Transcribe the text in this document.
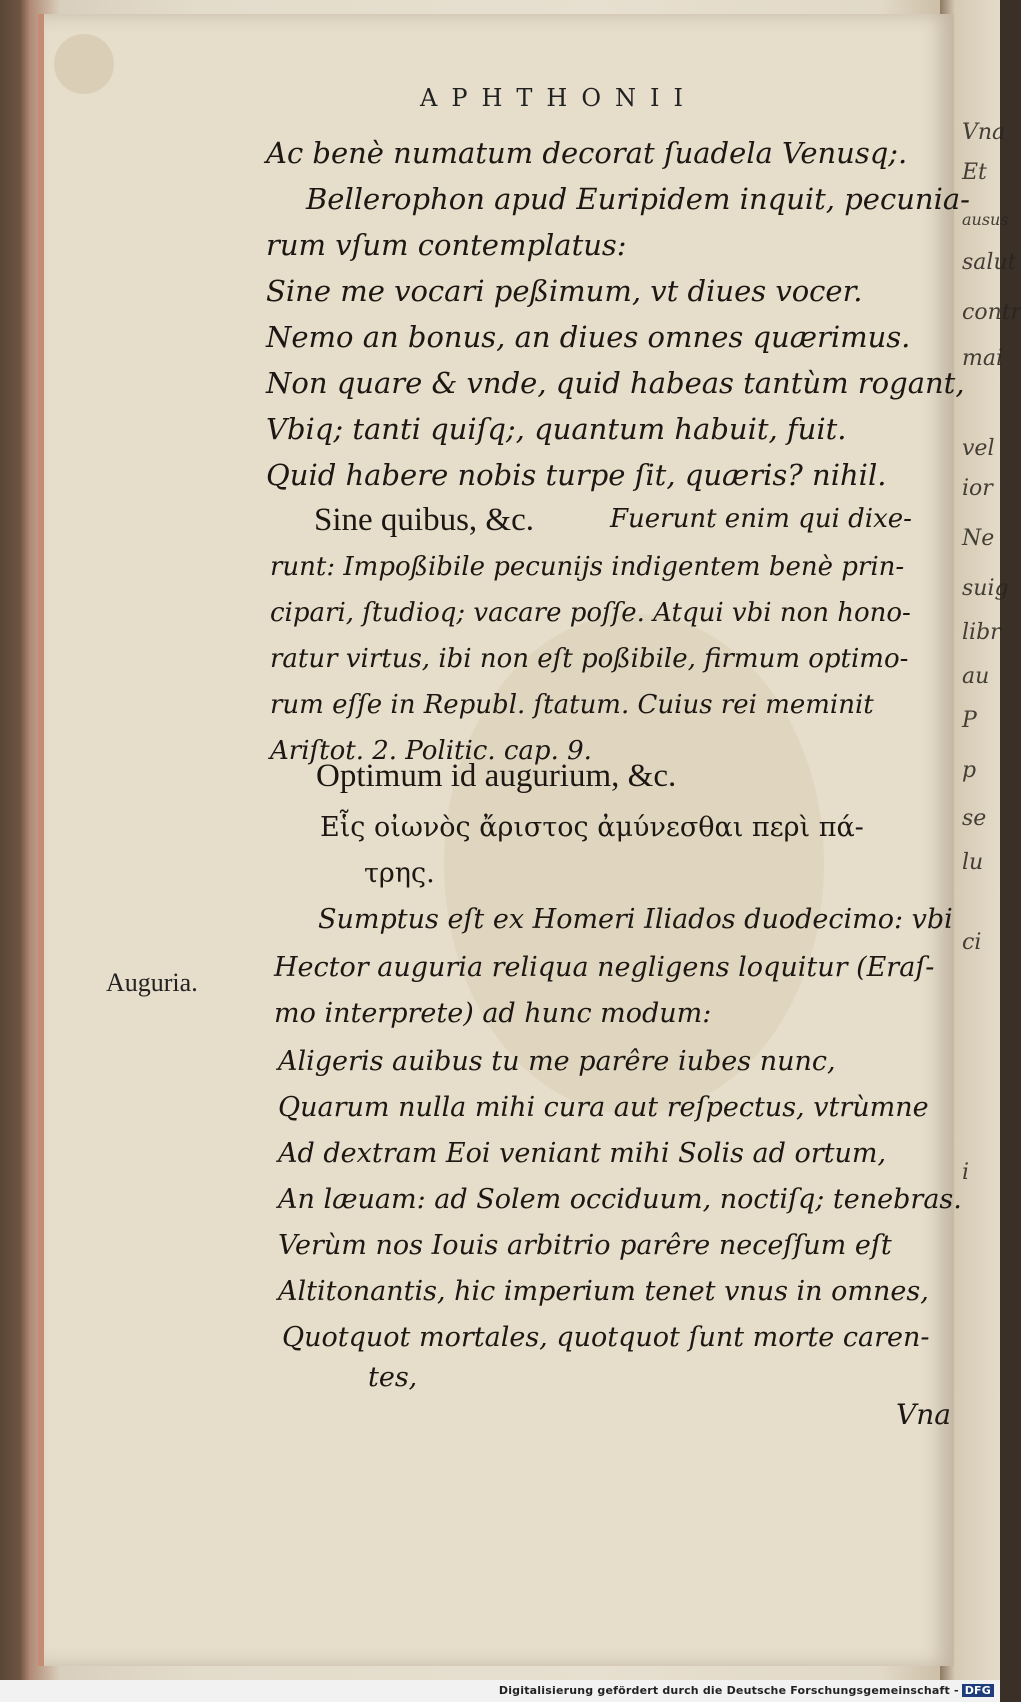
APHTHONII
Ac benè numatum decorat ſuadela Venusq;.
Bellerophon apud Euripidem inquit, pecunia-
rum vſum contemplatus:
Sine me vocari peßimum, vt diues vocer.
Nemo an bonus, an diues omnes quærimus.
Non quare & vnde, quid habeas tantùm rogant,
Vbiq; tanti quiſq;, quantum habuit, fuit.
Quid habere nobis turpe ſit, quæris? nihil.
Sine quibus, &c.	Fuerunt enim qui dixe-
runt: Impoßibile pecunijs indigentem benè prin-
cipari, ſtudioq; vacare poſſe. Atqui vbi non hono-
ratur virtus, ibi non eſt poßibile, firmum optimo-
rum eſſe in Republ. ſtatum. Cuius rei meminit
Ariſtot. 2. Politic. cap. 9.
Optimum id augurium, &c.
Εἷς οἰωνὸς ἄριστος ἀμύνεσθαι περὶ πά-
τρης.
Sumptus eſt ex Homeri Iliados duodecimo: vbi
Hector auguria reliqua negligens loquitur (Eraſ-
mo interprete) ad hunc modum:
Aligeris auibus tu me parêre iubes nunc,
Quarum nulla mihi cura aut reſpectus, vtrùmne
Ad dextram Eoi veniant mihi Solis ad ortum,
An læuam: ad Solem occiduum, noctiſq; tenebras.
Verùm nos Iouis arbitrio parêre neceſſum eſt
Altitonantis, hic imperium tenet vnus in omnes,
Quotquot mortales, quotquot ſunt morte caren-
tes,
Vna
Auguria.
Vna
Et
ausus
salut
contr
mai
vel
ior
Ne
suig
libr
au
P
p
se
lu
ci
i
Digitalisierung gefördert durch die Deutsche Forschungsgemeinschaft - DFG
